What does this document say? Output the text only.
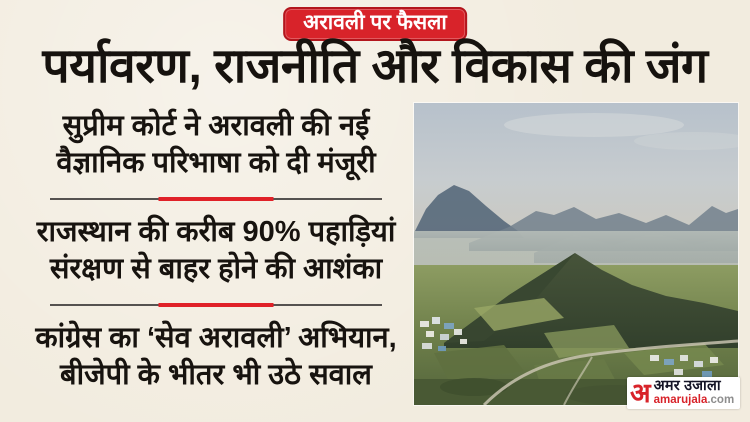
अरावली पर फैसला
पर्यावरण, राजनीति और विकास की जंग
सुप्रीम कोर्ट ने अरावली की नई
वैज्ञानिक परिभाषा को दी मंजूरी
राजस्थान की करीब 90% पहाड़ियां
संरक्षण से बाहर होने की आशंका
कांग्रेस का ‘सेव अरावली’ अभियान,
बीजेपी के भीतर भी उठे सवाल
अ अमर उजाला
amarujala.com
